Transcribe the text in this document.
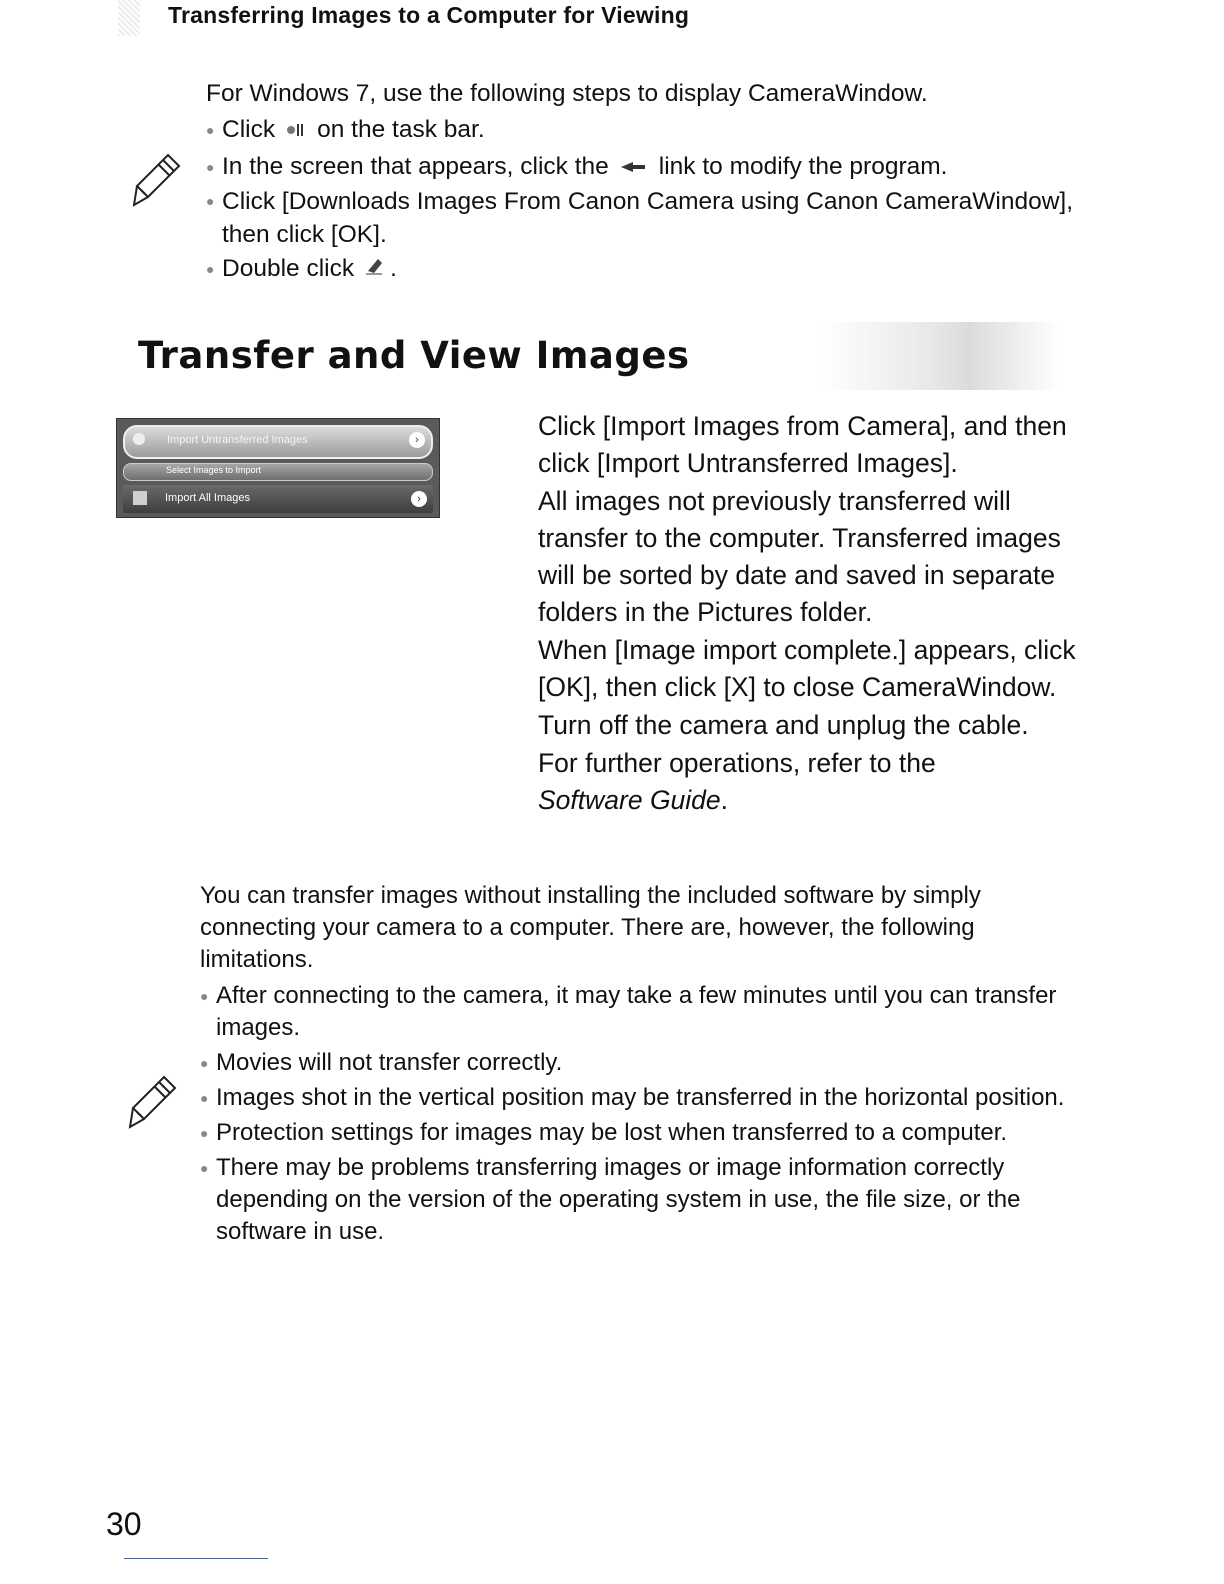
Transferring Images to a Computer for Viewing

For Windows 7, use the following steps to display CameraWindow.

● Click on the task bar.
● In the screen that appears, click the link to modify the program.
● Click [Downloads Images From Canon Camera using Canon CameraWindow], then click [OK].
● Double click .
Transfer and View Images
Import Untransferred Images	›
Select Images to Import
Import All Images	›

Click [Import Images from Camera], and then click [Import Untransferred Images].

All images not previously transferred will transfer to the computer. Transferred images will be sorted by date and saved in separate folders in the Pictures folder.

When [Image import complete.] appears, click [OK], then click [X] to close CameraWindow.

Turn off the camera and unplug the cable.

For further operations, refer to the
Software Guide.

You can transfer images without installing the included software by simply connecting your camera to a computer. There are, however, the following limitations.

● After connecting to the camera, it may take a few minutes until you can transfer images.
● Movies will not transfer correctly.
● Images shot in the vertical position may be transferred in the horizontal position.
● Protection settings for images may be lost when transferred to a computer.
● There may be problems transferring images or image information correctly depending on the version of the operating system in use, the file size, or the software in use.
30
